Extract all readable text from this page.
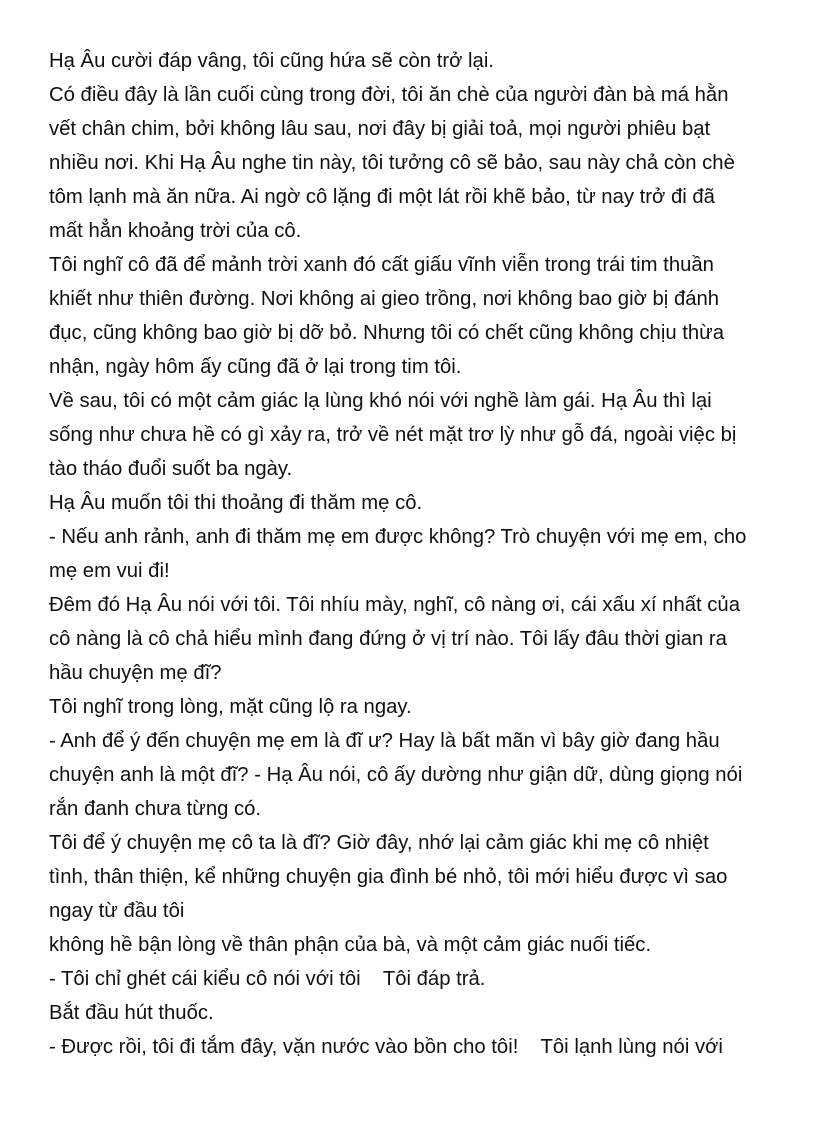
Hạ Âu cười đáp vâng, tôi cũng hứa sẽ còn trở lại.
Có điều đây là lần cuối cùng trong đời, tôi ăn chè của người đàn bà má hằn
vết chân chim, bởi không lâu sau, nơi đây bị giải toả, mọi người phiêu bạt
nhiều nơi. Khi Hạ Âu nghe tin này, tôi tưởng cô sẽ bảo, sau này chả còn chè
tôm lạnh mà ăn nữa. Ai ngờ cô lặng đi một lát rồi khẽ bảo, từ nay trở đi đã
mất hẳn khoảng trời của cô.
Tôi nghĩ cô đã để mảnh trời xanh đó cất giấu vĩnh viễn trong trái tim thuần
khiết như thiên đường. Nơi không ai gieo trồng, nơi không bao giờ bị đánh
đục, cũng không bao giờ bị dỡ bỏ. Nhưng tôi có chết cũng không chịu thừa
nhận, ngày hôm ấy cũng đã ở lại trong tim tôi.
Về sau, tôi có một cảm giác lạ lùng khó nói với nghề làm gái. Hạ Âu thì lại
sống như chưa hề có gì xảy ra, trở về nét mặt trơ lỳ như gỗ đá, ngoài việc bị
tào tháo đuổi suốt ba ngày.
Hạ Âu muốn tôi thi thoảng đi thăm mẹ cô.
- Nếu anh rảnh, anh đi thăm mẹ em được không? Trò chuyện với mẹ em, cho
mẹ em vui đi!
Đêm đó Hạ Âu nói với tôi. Tôi nhíu mày, nghĩ, cô nàng ơi, cái xấu xí nhất của
cô nàng là cô chả hiểu mình đang đứng ở vị trí nào. Tôi lấy đâu thời gian ra
hầu chuyện mẹ đĩ?
Tôi nghĩ trong lòng, mặt cũng lộ ra ngay.
- Anh để ý đến chuyện mẹ em là đĩ ư? Hay là bất mãn vì bây giờ đang hầu
chuyện anh là một đĩ? - Hạ Âu nói, cô ấy dường như giận dữ, dùng giọng nói
rắn đanh chưa từng có.
Tôi để ý chuyện mẹ cô ta là đĩ? Giờ đây, nhớ lại cảm giác khi mẹ cô nhiệt
tình, thân thiện, kể những chuyện gia đình bé nhỏ, tôi mới hiểu được vì sao
ngay từ đầu tôi
không hề bận lòng về thân phận của bà, và một cảm giác nuối tiếc.
- Tôi chỉ ghét cái kiểu cô nói với tôi    Tôi đáp trả.
Bắt đầu hút thuốc.
- Được rồi, tôi đi tắm đây, vặn nước vào bồn cho tôi!    Tôi lạnh lùng nói với
